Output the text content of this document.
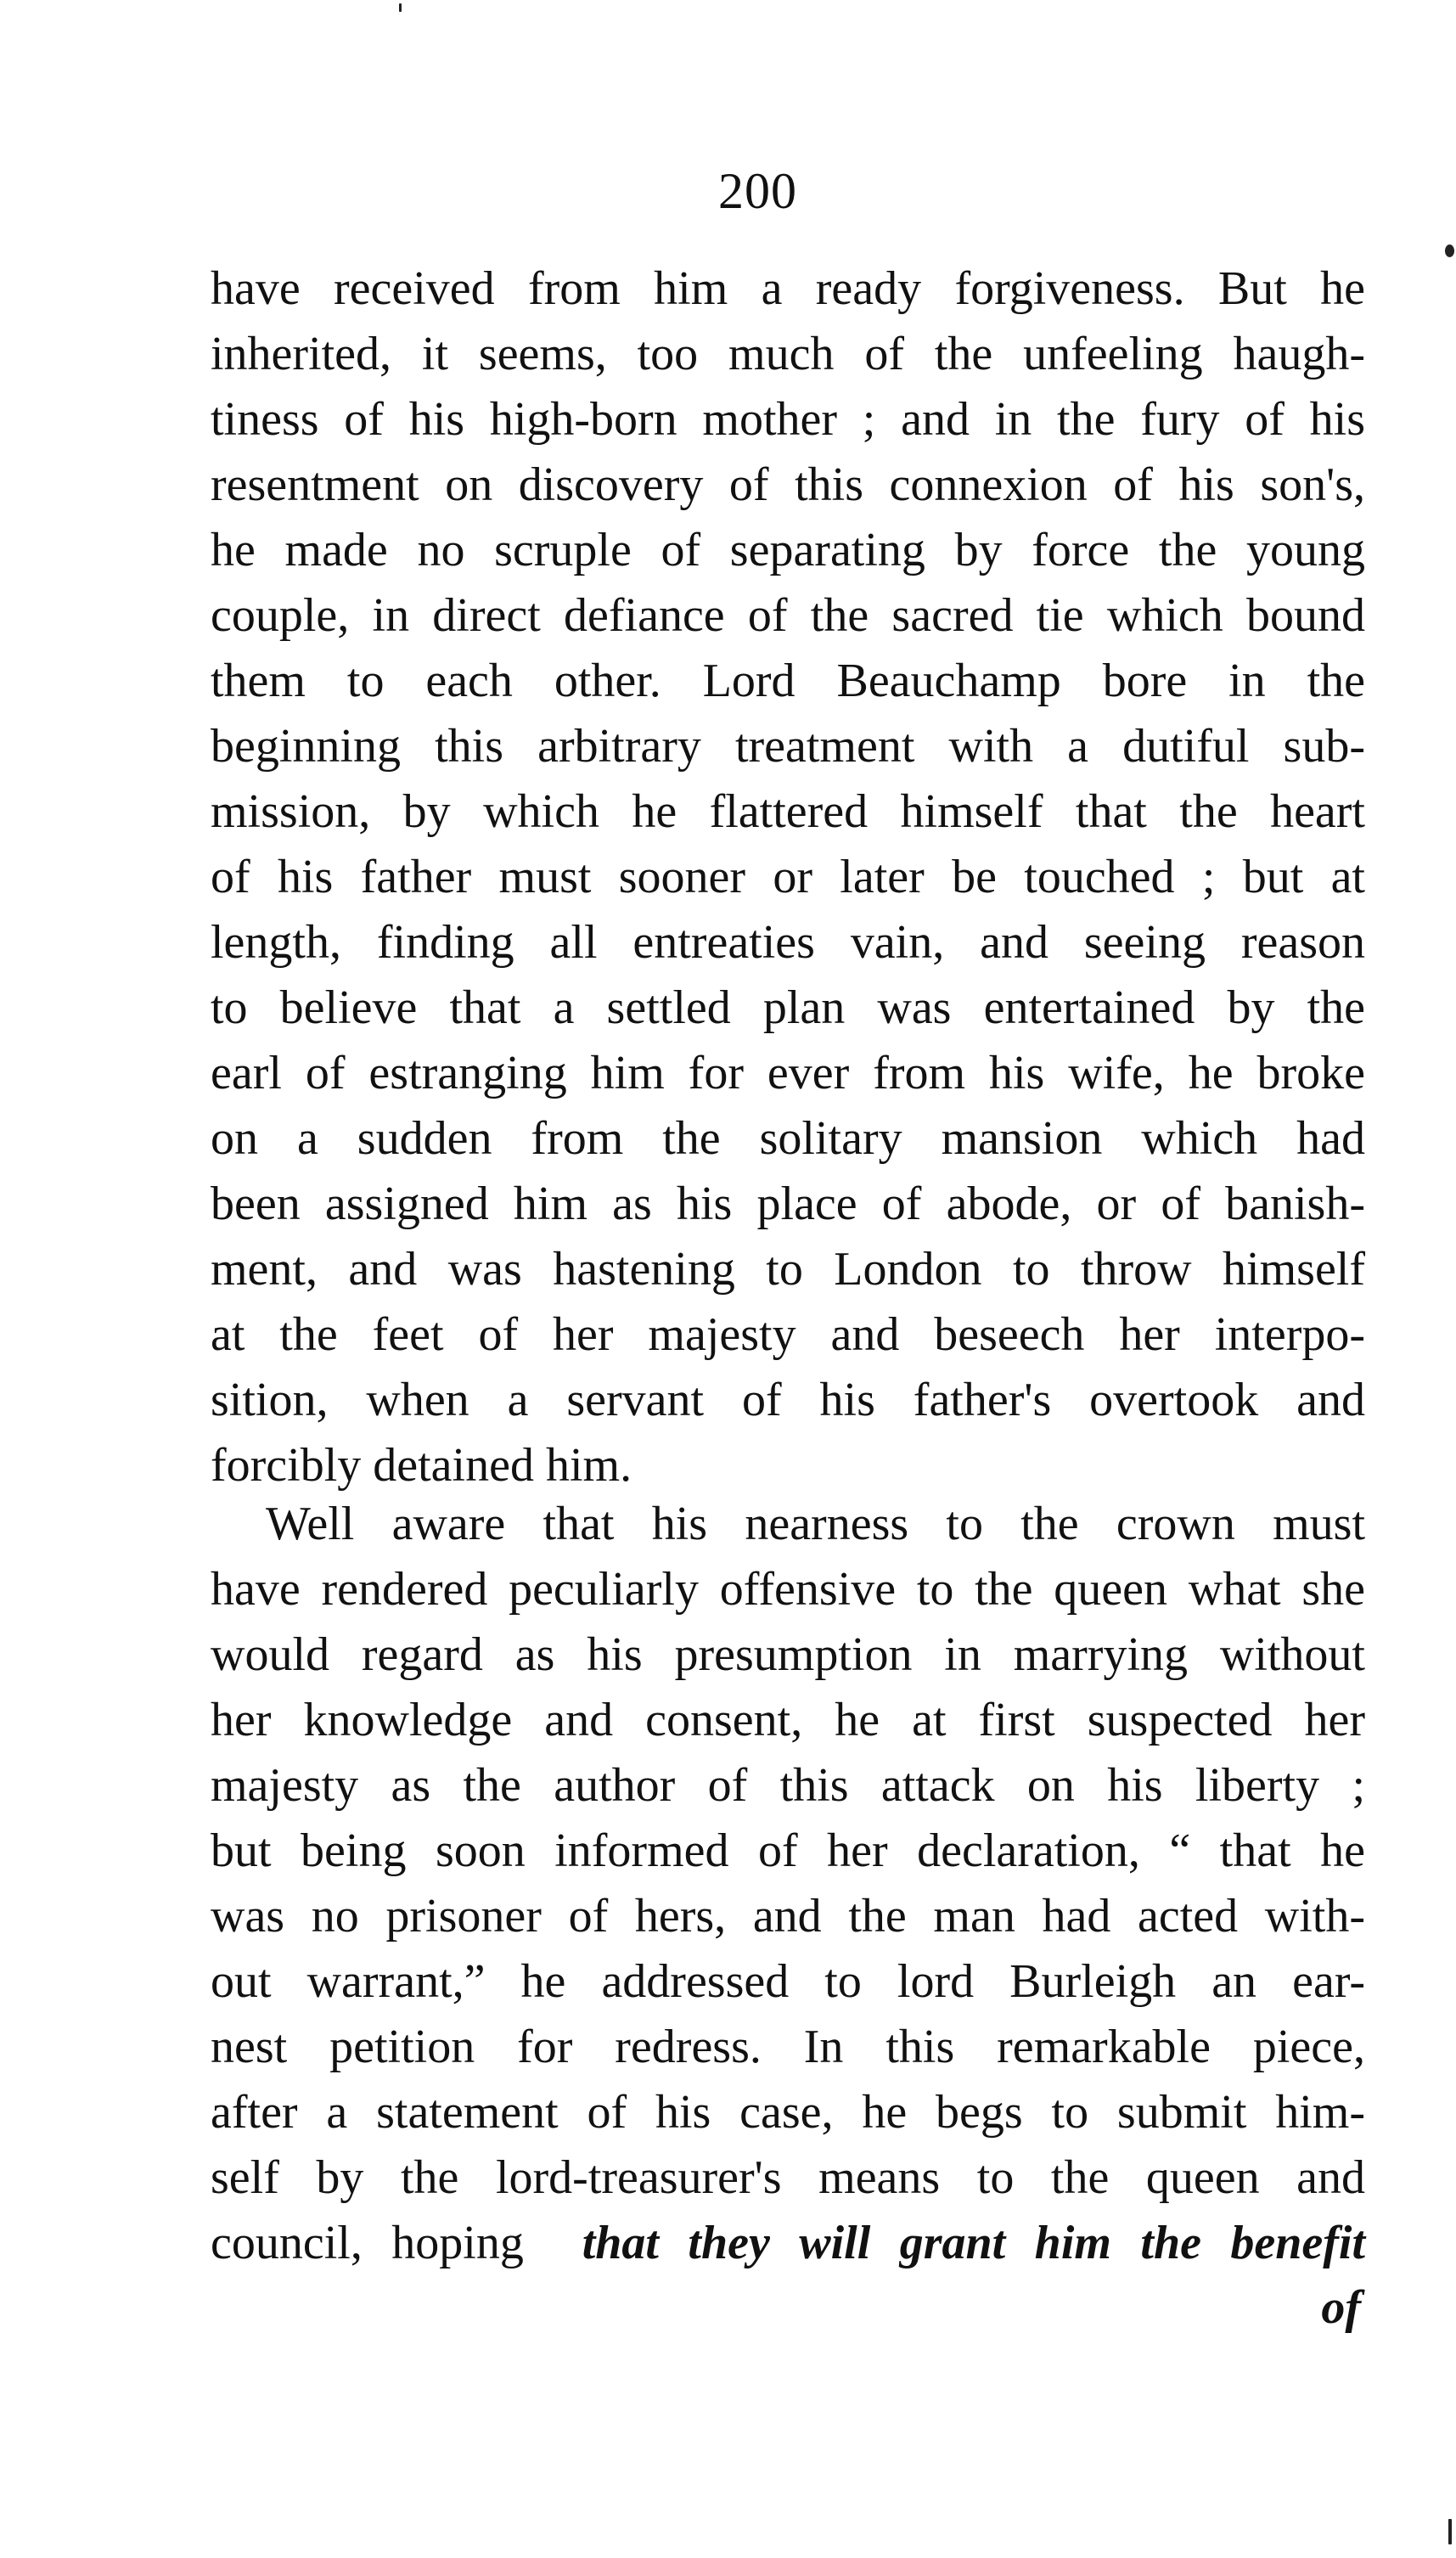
200
have received from him a ready forgiveness. But he
inherited, it seems, too much of the unfeeling haugh-
tiness of his high-born mother ; and in the fury of his
resentment on discovery of this connexion of his son's,
he made no scruple of separating by force the young
couple, in direct defiance of the sacred tie which bound
them to each other. Lord Beauchamp bore in the
beginning this arbitrary treatment with a dutiful sub-
mission, by which he flattered himself that the heart
of his father must sooner or later be touched ; but at
length, finding all entreaties vain, and seeing reason
to believe that a settled plan was entertained by the
earl of estranging him for ever from his wife, he broke
on a sudden from the solitary mansion which had
been assigned him as his place of abode, or of banish-
ment, and was hastening to London to throw himself
at the feet of her majesty and beseech her interpo-
sition, when a servant of his father's overtook and
forcibly detained him.
Well aware that his nearness to the crown must
have rendered peculiarly offensive to the queen what she
would regard as his presumption in marrying without
her knowledge and consent, he at first suspected her
majesty as the author of this attack on his liberty ;
but being soon informed of her declaration, “ that he
was no prisoner of hers, and the man had acted with-
out warrant,” he addressed to lord Burleigh an ear-
nest petition for redress. In this remarkable piece,
after a statement of his case, he begs to submit him-
self by the lord-treasurer's means to the queen and
council, hoping that they will grant him the benefit
of
